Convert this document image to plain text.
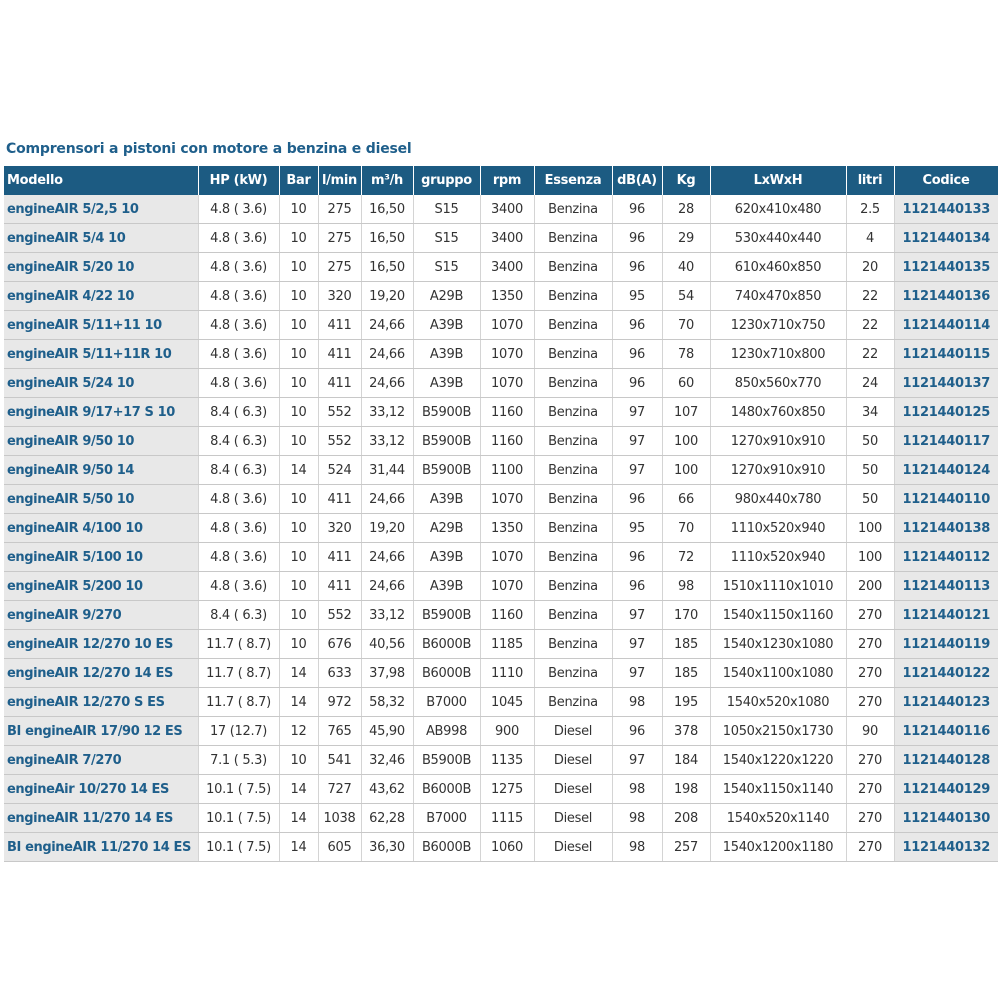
Comprensori a pistoni con motore a benzina e diesel
Modello	HP (kW)	Bar	l/min	m³/h	gruppo	rpm	Essenza	dB(A)	Kg	LxWxH	litri	Codice
engineAIR 5/2,5 10	4.8 ( 3.6)	10	275	16,50	S15	3400	Benzina	96	28	620x410x480	2.5	1121440133
engineAIR 5/4 10	4.8 ( 3.6)	10	275	16,50	S15	3400	Benzina	96	29	530x440x440	4	1121440134
engineAIR 5/20 10	4.8 ( 3.6)	10	275	16,50	S15	3400	Benzina	96	40	610x460x850	20	1121440135
engineAIR 4/22 10	4.8 ( 3.6)	10	320	19,20	A29B	1350	Benzina	95	54	740x470x850	22	1121440136
engineAIR 5/11+11 10	4.8 ( 3.6)	10	411	24,66	A39B	1070	Benzina	96	70	1230x710x750	22	1121440114
engineAIR 5/11+11R 10	4.8 ( 3.6)	10	411	24,66	A39B	1070	Benzina	96	78	1230x710x800	22	1121440115
engineAIR 5/24 10	4.8 ( 3.6)	10	411	24,66	A39B	1070	Benzina	96	60	850x560x770	24	1121440137
engineAIR 9/17+17 S 10	8.4 ( 6.3)	10	552	33,12	B5900B	1160	Benzina	97	107	1480x760x850	34	1121440125
engineAIR 9/50 10	8.4 ( 6.3)	10	552	33,12	B5900B	1160	Benzina	97	100	1270x910x910	50	1121440117
engineAIR 9/50 14	8.4 ( 6.3)	14	524	31,44	B5900B	1100	Benzina	97	100	1270x910x910	50	1121440124
engineAIR 5/50 10	4.8 ( 3.6)	10	411	24,66	A39B	1070	Benzina	96	66	980x440x780	50	1121440110
engineAIR 4/100 10	4.8 ( 3.6)	10	320	19,20	A29B	1350	Benzina	95	70	1110x520x940	100	1121440138
engineAIR 5/100 10	4.8 ( 3.6)	10	411	24,66	A39B	1070	Benzina	96	72	1110x520x940	100	1121440112
engineAIR 5/200 10	4.8 ( 3.6)	10	411	24,66	A39B	1070	Benzina	96	98	1510x1110x1010	200	1121440113
engineAIR 9/270	8.4 ( 6.3)	10	552	33,12	B5900B	1160	Benzina	97	170	1540x1150x1160	270	1121440121
engineAIR 12/270 10 ES	11.7 ( 8.7)	10	676	40,56	B6000B	1185	Benzina	97	185	1540x1230x1080	270	1121440119
engineAIR 12/270 14 ES	11.7 ( 8.7)	14	633	37,98	B6000B	1110	Benzina	97	185	1540x1100x1080	270	1121440122
engineAIR 12/270 S ES	11.7 ( 8.7)	14	972	58,32	B7000	1045	Benzina	98	195	1540x520x1080	270	1121440123
BI engineAIR 17/90 12 ES	17 (12.7)	12	765	45,90	AB998	900	Diesel	96	378	1050x2150x1730	90	1121440116
engineAIR 7/270	7.1 ( 5.3)	10	541	32,46	B5900B	1135	Diesel	97	184	1540x1220x1220	270	1121440128
engineAir 10/270 14 ES	10.1 ( 7.5)	14	727	43,62	B6000B	1275	Diesel	98	198	1540x1150x1140	270	1121440129
engineAIR 11/270 14 ES	10.1 ( 7.5)	14	1038	62,28	B7000	1115	Diesel	98	208	1540x520x1140	270	1121440130
BI engineAIR 11/270 14 ES	10.1 ( 7.5)	14	605	36,30	B6000B	1060	Diesel	98	257	1540x1200x1180	270	1121440132
